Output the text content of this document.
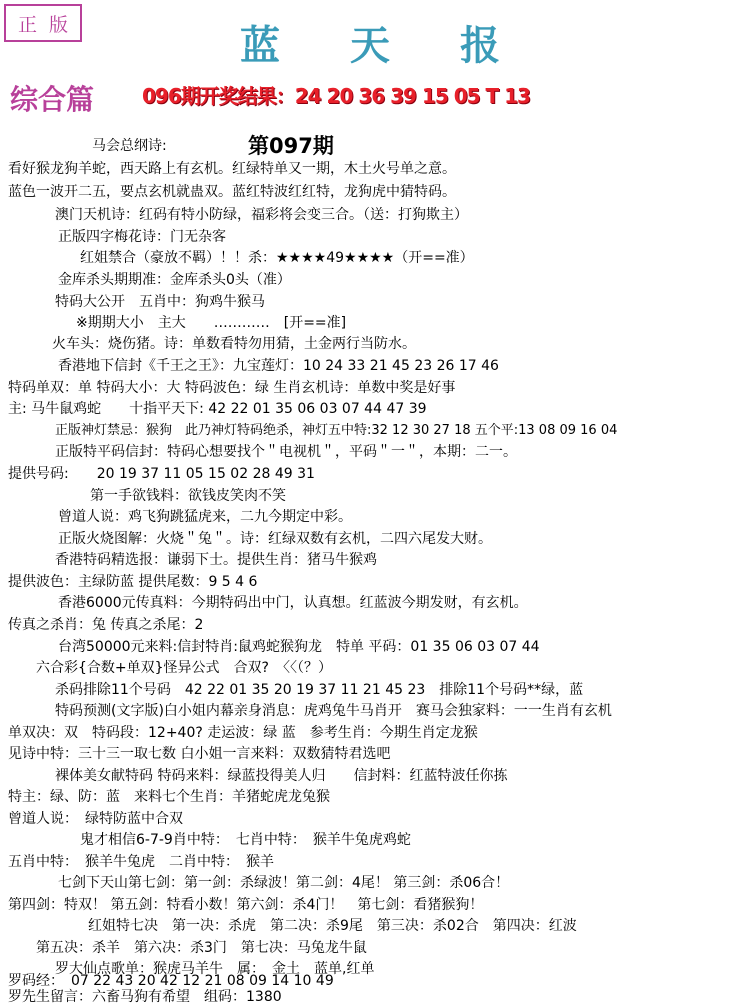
正 版	蓝 天 报
综合篇 096期开奖结果：24 20 36 39 15 05 T 13
第097期
马会总纲诗:
看好猴龙狗羊蛇，西天路上有玄机。红绿特单又一期，木土火号单之意。
蓝色一波开二五，要点玄机就蛊双。蓝红特波红红特，龙狗虎中猜特码。
澳门天机诗：红码有特小防绿，福彩将会变三合。（送：打狗欺主）
正版四字梅花诗：门无杂客
红姐禁合（豪放不羁）！！杀：★★★★49★★★★（开==准）
金库杀头期期准：金库杀头0头（准）
特码大公开　五肖中：狗鸡牛猴马
※期期大小　主大　　…………　[开==准]
火车头：烧伤猪。诗：单数看特勿用猜，土金两行当防水。
香港地下信封《千王之王》：九宝莲灯：10 24 33 21 45 23 26 17 46
特码单双：单 特码大小：大 特码波色：绿 生肖玄机诗：单数中奖是好事
主: 马牛鼠鸡蛇　　十指平天下: 42 22 01 35 06 03 07 44 47 39
正版神灯禁忌：猴狗　此乃神灯特码绝杀，神灯五中特:32 12 30 27 18 五个平:13 08 09 16 04
正版特平码信封：特码心想要找个＂电视机＂，平码＂一＂，本期：二一。
提供号码:　　20 19 37 11 05 15 02 28 49 31
第一手欲钱料：欲钱皮笑肉不笑
曾道人说：鸡飞狗跳猛虎来，二九今期定中彩。
正版火烧图解：火烧＂兔＂。诗：红绿双数有玄机，二四六尾发大财。
香港特码精选报：谦弱下士。提供生肖：猪马牛猴鸡
提供波色：主绿防蓝 提供尾数：9 5 4 6
香港6000元传真料：今期特码出中门，认真想。红蓝波今期发财，有玄机。
传真之杀肖：兔 传真之杀尾：2
台湾50000元来料:信封特肖:鼠鸡蛇猴狗龙　特单 平码：01 35 06 03 07 44
六合彩{合数+单双}怪异公式　合双?　〈〈（？）
杀码排除11个号码　42 22 01 35 20 19 37 11 21 45 23　排除11个号码**绿，蓝
特码预测(文字版)白小姐内幕亲身消息：虎鸡兔牛马肖开　赛马会独家料：一一生肖有玄机
单双决：双　特码段：12+40? 走运波：绿 蓝　参考生肖：今期生肖定龙猴
见诗中特：三十三一取七数 白小姐一言来料：双数猜特君选吧
裸体美女献特码 特码来料：绿蓝投得美人归　　信封料：红蓝特波任你拣
特主：绿、防：蓝　来料七个生肖：羊猪蛇虎龙兔猴
曾道人说：　绿特防蓝中合双
鬼才相信6-7-9肖中特：　七肖中特：　猴羊牛兔虎鸡蛇
五肖中特：　猴羊牛兔虎　二肖中特：　猴羊
七剑下天山第七剑：第一剑：杀绿波！第二剑：4尾！ 第三剑：杀06合！
第四剑：特双！ 第五剑：特看小数！第六剑：杀4门！　第七剑：看猪猴狗！
红姐特七决　第一决：杀虎　第二决：杀9尾　第三决：杀02合　第四决：红波
第五决：杀羊　第六决：杀3门　第七决：马兔龙牛鼠
罗大仙点歌单：猴虎马羊牛　属：　金土　蓝单,红单
罗码经：　07 22 43 20 42 12 21 08 09 14 10 49
罗先生留言：六畜马狗有希望　组码：1380
